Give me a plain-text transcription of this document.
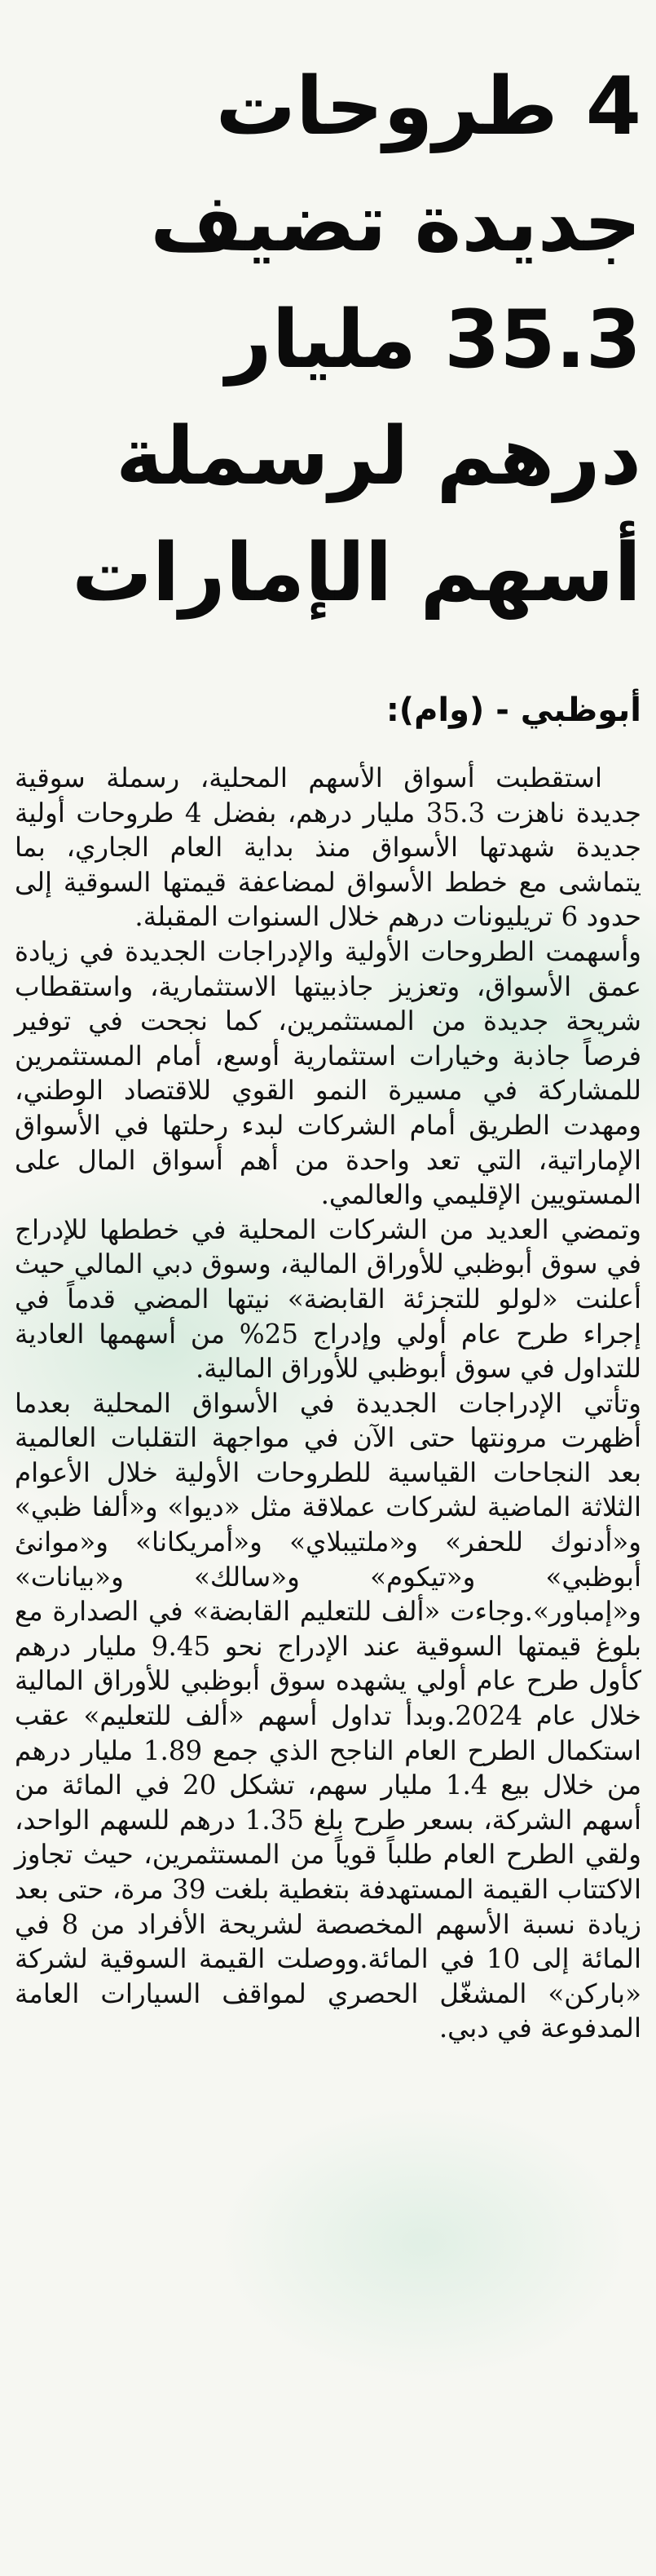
4 طروحات جديدة تضيف 35.3 مليار درهم لرسملة أسهم الإمارات
أبوظبي - (وام):

استقطبت أسواق الأسهم المحلية، رسملة سوقية جديدة ناهزت 35.3 مليار درهم، بفضل 4 طروحات أولية جديدة شهدتها الأسواق منذ بداية العام الجاري، بما يتماشى مع خطط الأسواق لمضاعفة قيمتها السوقية إلى حدود 6 تريليونات درهم خلال السنوات المقبلة.

وأسهمت الطروحات الأولية والإدراجات الجديدة في زيادة عمق الأسواق، وتعزيز جاذبيتها الاستثمارية، واستقطاب شريحة جديدة من المستثمرين، كما نجحت في توفير فرصاً جاذبة وخيارات استثمارية أوسع، أمام المستثمرين للمشاركة في مسيرة النمو القوي للاقتصاد الوطني، ومهدت الطريق أمام الشركات لبدء رحلتها في الأسواق الإماراتية، التي تعد واحدة من أهم أسواق المال على المستويين الإقليمي والعالمي.

وتمضي العديد من الشركات المحلية في خططها للإدراج في سوق أبوظبي للأوراق المالية، وسوق دبي المالي حيث أعلنت «لولو للتجزئة القابضة» نيتها المضي قدماً في إجراء طرح عام أولي وإدراج 25% من أسهمها العادية للتداول في سوق أبوظبي للأوراق المالية.

وتأتي الإدراجات الجديدة في الأسواق المحلية بعدما أظهرت مرونتها حتى الآن في مواجهة التقلبات العالمية بعد النجاحات القياسية للطروحات الأولية خلال الأعوام الثلاثة الماضية لشركات عملاقة مثل «ديوا» و«ألفا ظبي» و«أدنوك للحفر» و«ملتيبلاي» و«أمريكانا» و«موانئ أبوظبي» و«تيكوم» و«سالك» و«بيانات» و«إمباور».وجاءت «ألف للتعليم القابضة» في الصدارة مع بلوغ قيمتها السوقية عند الإدراج نحو 9.45 مليار درهم كأول طرح عام أولي يشهده سوق أبوظبي للأوراق المالية خلال عام 2024.وبدأ تداول أسهم «ألف للتعليم» عقب استكمال الطرح العام الناجح الذي جمع 1.89 مليار درهم من خلال بيع 1.4 مليار سهم، تشكل 20 في المائة من أسهم الشركة، بسعر طرح بلغ 1.35 درهم للسهم الواحد، ولقي الطرح العام طلباً قوياً من المستثمرين، حيث تجاوز الاكتتاب القيمة المستهدفة بتغطية بلغت 39 مرة، حتى بعد زيادة نسبة الأسهم المخصصة لشريحة الأفراد من 8 في المائة إلى 10 في المائة.ووصلت القيمة السوقية لشركة «باركن» المشغّل الحصري لمواقف السيارات العامة المدفوعة في دبي.
